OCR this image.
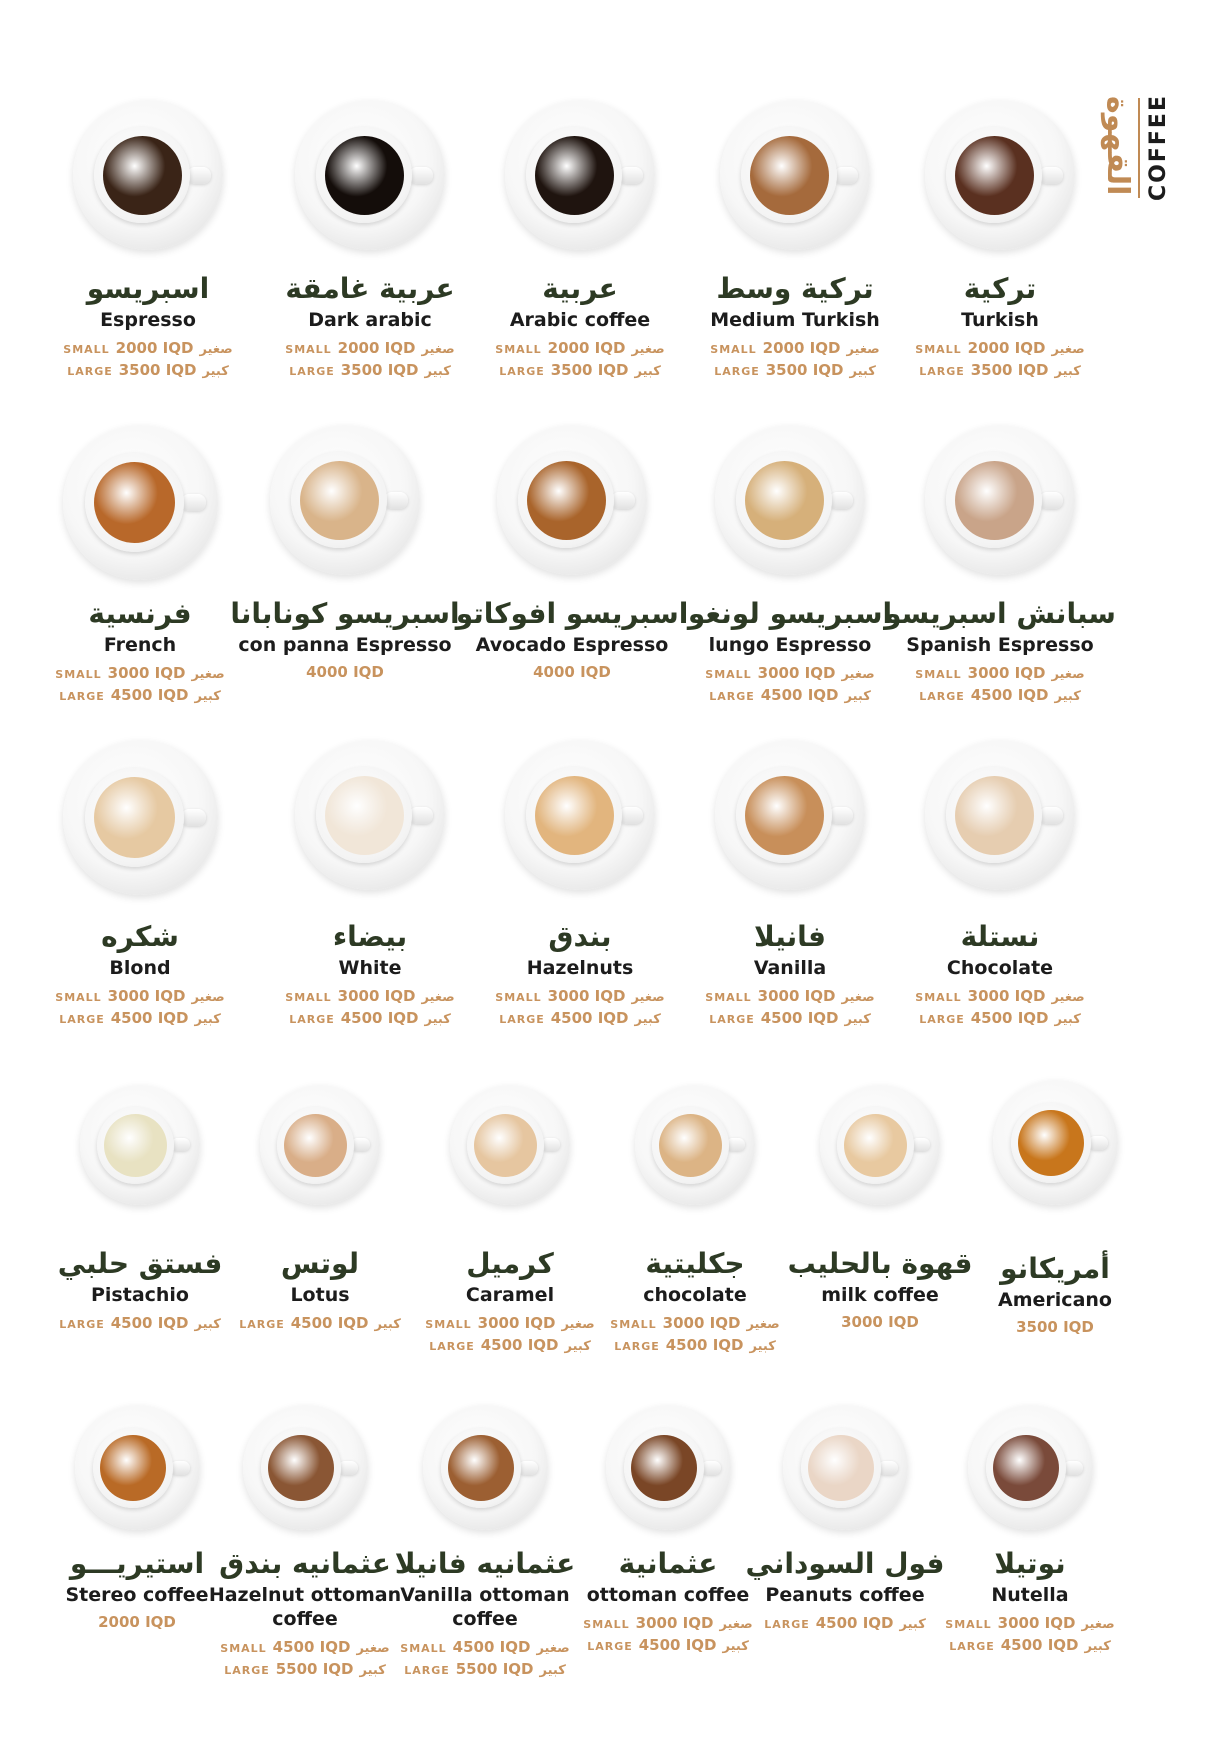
القهوة COFFEE
اسبريسو
Espresso
SMALL 2000 IQD صغير
LARGE 3500 IQD كبير
عربية غامقة
Dark arabic
SMALL 2000 IQD صغير
LARGE 3500 IQD كبير
عربية
Arabic coffee
SMALL 2000 IQD صغير
LARGE 3500 IQD كبير
تركية وسط
Medium Turkish
SMALL 2000 IQD صغير
LARGE 3500 IQD كبير
تركية
Turkish
SMALL 2000 IQD صغير
LARGE 3500 IQD كبير
فرنسية
French
SMALL 3000 IQD صغير
LARGE 4500 IQD كبير
اسبريسو كونابانا
con panna Espresso
4000 IQD
اسبريسو افوكاتو
Avocado Espresso
4000 IQD
اسبريسو لونغو
lungo Espresso
SMALL 3000 IQD صغير
LARGE 4500 IQD كبير
سبانش اسبريسو
Spanish Espresso
SMALL 3000 IQD صغير
LARGE 4500 IQD كبير
شكره
Blond
SMALL 3000 IQD صغير
LARGE 4500 IQD كبير
بيضاء
White
SMALL 3000 IQD صغير
LARGE 4500 IQD كبير
بندق
Hazelnuts
SMALL 3000 IQD صغير
LARGE 4500 IQD كبير
فانيلا
Vanilla
SMALL 3000 IQD صغير
LARGE 4500 IQD كبير
نستلة
Chocolate
SMALL 3000 IQD صغير
LARGE 4500 IQD كبير
فستق حلبي
Pistachio
LARGE 4500 IQD كبير
لوتس
Lotus
LARGE 4500 IQD كبير
كرميل
Caramel
SMALL 3000 IQD صغير
LARGE 4500 IQD كبير
جكليتية
chocolate
SMALL 3000 IQD صغير
LARGE 4500 IQD كبير
قهوة بالحليب
milk coffee
3000 IQD
أمريكانو
Americano
3500 IQD
استيريـــو
Stereo coffee
2000 IQD
عثمانيه بندق
Hazelnut ottoman
coffee
SMALL 4500 IQD صغير
LARGE 5500 IQD كبير
عثمانيه فانيلا
Vanilla ottoman
coffee
SMALL 4500 IQD صغير
LARGE 5500 IQD كبير
عثمانية
ottoman coffee
SMALL 3000 IQD صغير
LARGE 4500 IQD كبير
فول السوداني
Peanuts coffee
LARGE 4500 IQD كبير
نوتيلا
Nutella
SMALL 3000 IQD صغير
LARGE 4500 IQD كبير
